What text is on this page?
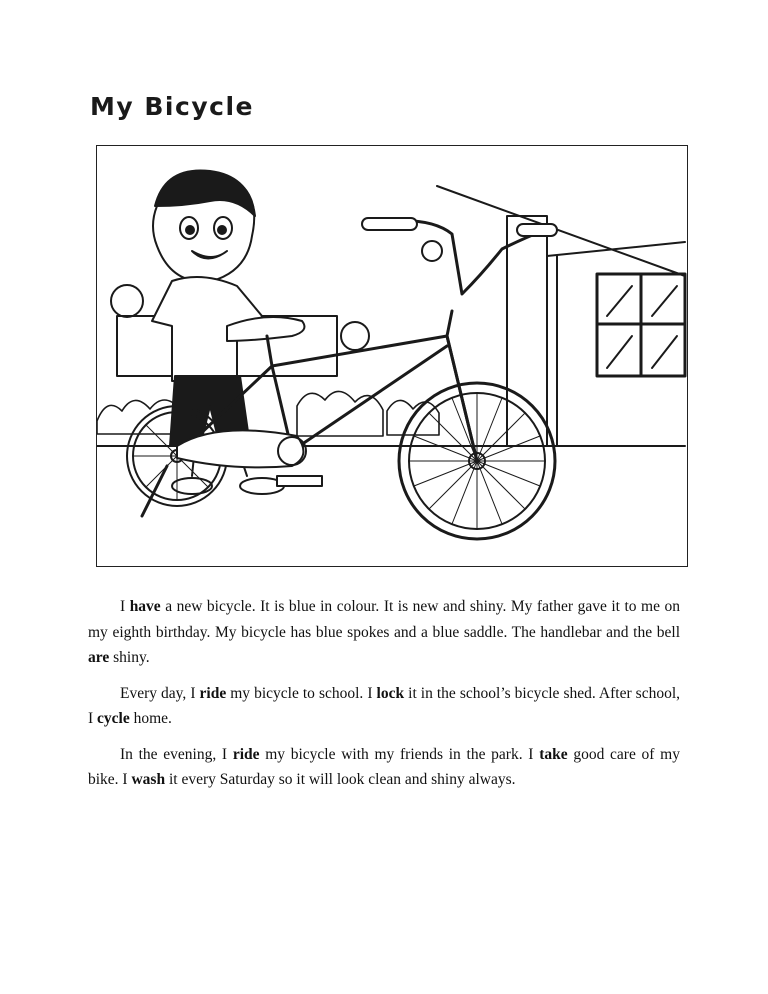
My Bicycle

I have a new bicycle. It is blue in colour. It is new and shiny. My father gave it to me on my eighth birthday. My bicycle has blue spokes and a blue saddle. The handlebar and the bell are shiny.

Every day, I ride my bicycle to school. I lock it in the school’s bicycle shed. After school, I cycle home.

In the evening, I ride my bicycle with my friends in the park. I take good care of my bike. I wash it every Saturday so it will look clean and shiny always.
